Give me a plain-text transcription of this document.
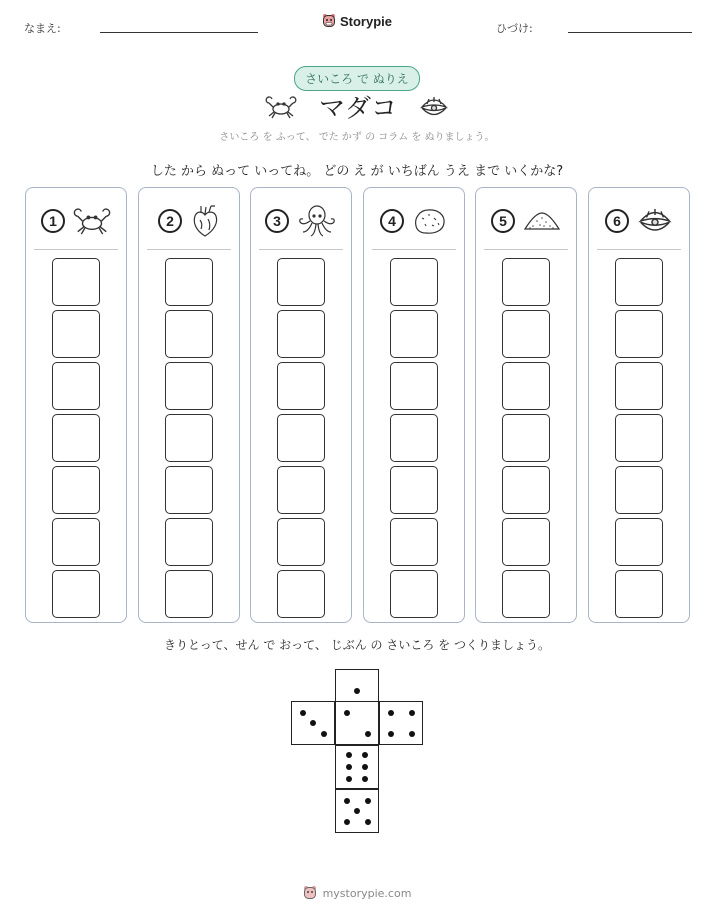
なまえ:	ひづけ:
Storypie
さいころ で ぬりえ
マダコ
さいころ を ふって、 でた かず の コラム を ぬりましょう。
した から ぬって いってね。 どの え が いちばん うえ まで いくかな?
1	2	3	4	5	6
きりとって、せん で おって、 じぶん の さいころ を つくりましょう。
mystorypie.com
